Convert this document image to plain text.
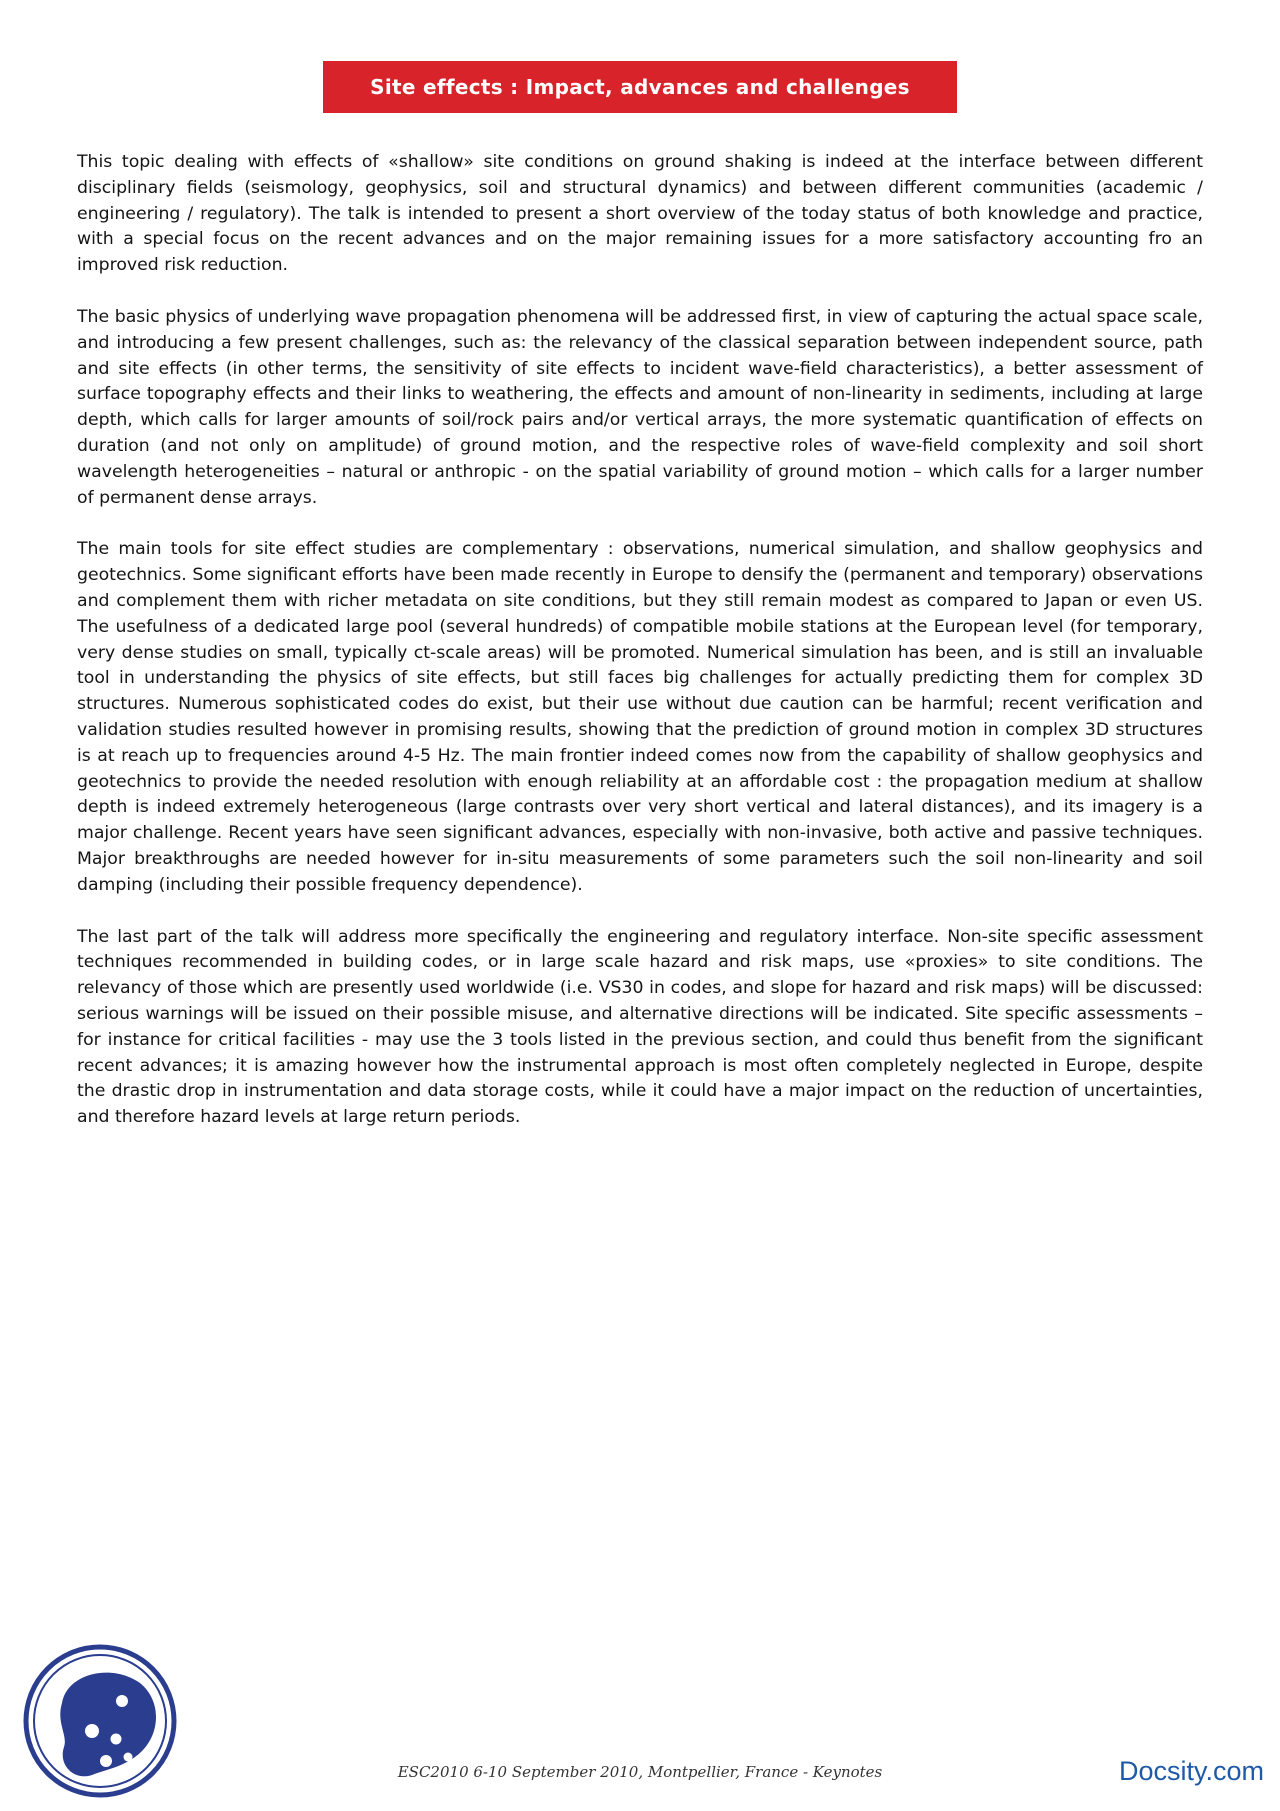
Site effects : Impact, advances and challenges

This topic dealing with effects of «shallow» site conditions on ground shaking is indeed at the interface between different disciplinary fields (seismology, geophysics, soil and structural dynamics) and between different communities (academic / engineering / regulatory). The talk is intended to present a short overview of the today status of both knowledge and practice, with a special focus on the recent advances and on the major remaining issues for a more satisfactory accounting fro an improved risk reduction.

The basic physics of underlying wave propagation phenomena will be addressed first, in view of capturing the actual space scale, and introducing a few present challenges, such as: the relevancy of the classical separation between independent source, path and site effects (in other terms, the sensitivity of site effects to incident wave-field characteristics), a better assessment of surface topography effects and their links to weathering, the effects and amount of non-linearity in sediments, including at large depth, which calls for larger amounts of soil/rock pairs and/or vertical arrays, the more systematic quantification of effects on duration (and not only on amplitude) of ground motion, and the respective roles of wave-field complexity and soil short wavelength heterogeneities – natural or anthropic - on the spatial variability of ground motion – which calls for a larger number of permanent dense arrays.

The main tools for site effect studies are complementary : observations, numerical simulation, and shallow geophysics and geotechnics. Some significant efforts have been made recently in Europe to densify the (permanent and temporary) observations and complement them with richer metadata on site conditions, but they still remain modest as compared to Japan or even US. The usefulness of a dedicated large pool (several hundreds) of compatible mobile stations at the European level (for temporary, very dense studies on small, typically ct-scale areas) will be promoted. Numerical simulation has been, and is still an invaluable tool in understanding the physics of site effects, but still faces big challenges for actually predicting them for complex 3D structures. Numerous sophisticated codes do exist, but their use without due caution can be harmful; recent verification and validation studies resulted however in promising results, showing that the prediction of ground motion in complex 3D structures is at reach up to frequencies around 4-5 Hz. The main frontier indeed comes now from the capability of shallow geophysics and geotechnics to provide the needed resolution with enough reliability at an affordable cost : the propagation medium at shallow depth is indeed extremely heterogeneous (large contrasts over very short vertical and lateral distances), and its imagery is a major challenge. Recent years have seen significant advances, especially with non-invasive, both active and passive techniques. Major breakthroughs are needed however for in-situ measurements of some parameters such the soil non-linearity and soil damping (including their possible frequency dependence).

The last part of the talk will address more specifically the engineering and regulatory interface. Non-site specific assessment techniques recommended in building codes, or in large scale hazard and risk maps, use «proxies» to site conditions. The relevancy of those which are presently used worldwide (i.e. VS30 in codes, and slope for hazard and risk maps) will be discussed: serious warnings will be issued on their possible misuse, and alternative directions will be indicated. Site specific assessments – for instance for critical facilities - may use the 3 tools listed in the previous section, and could thus benefit from the significant recent advances; it is amazing however how the instrumental approach is most often completely neglected in Europe, despite the drastic drop in instrumentation and data storage costs, while it could have a major impact on the reduction of uncertainties, and therefore hazard levels at large return periods.

ESC2010 6-10 September 2010, Montpellier, France - Keynotes	Docsity.com
